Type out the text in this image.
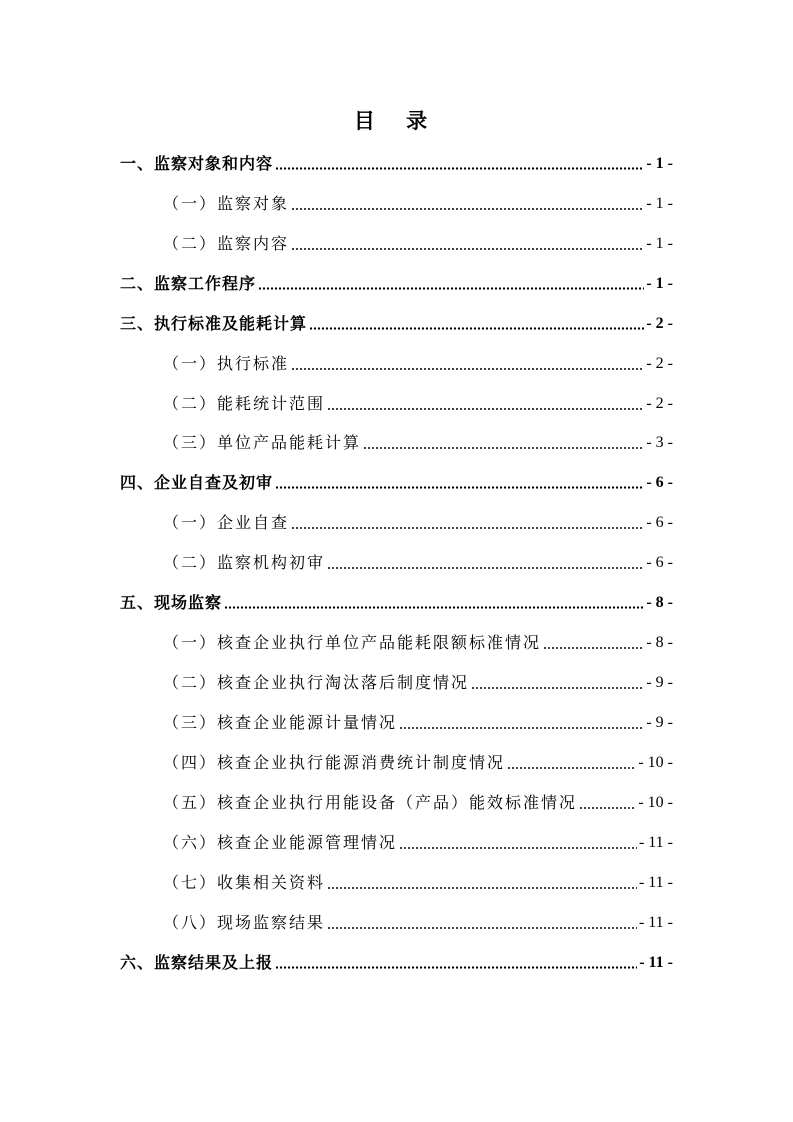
目 录
一、监察对象和内容	- 1 -
（一）监察对象	- 1 -
（二）监察内容	- 1 -
二、监察工作程序	- 1 -
三、执行标准及能耗计算	- 2 -
（一）执行标准	- 2 -
（二）能耗统计范围	- 2 -
（三）单位产品能耗计算	- 3 -
四、企业自查及初审	- 6 -
（一）企业自查	- 6 -
（二）监察机构初审	- 6 -
五、现场监察	- 8 -
（一）核查企业执行单位产品能耗限额标准情况	- 8 -
（二）核查企业执行淘汰落后制度情况	- 9 -
（三）核查企业能源计量情况	- 9 -
（四）核查企业执行能源消费统计制度情况	- 10 -
（五）核查企业执行用能设备（产品）能效标准情况	- 10 -
（六）核查企业能源管理情况	- 11 -
（七）收集相关资料	- 11 -
（八）现场监察结果	- 11 -
六、监察结果及上报	- 11 -
